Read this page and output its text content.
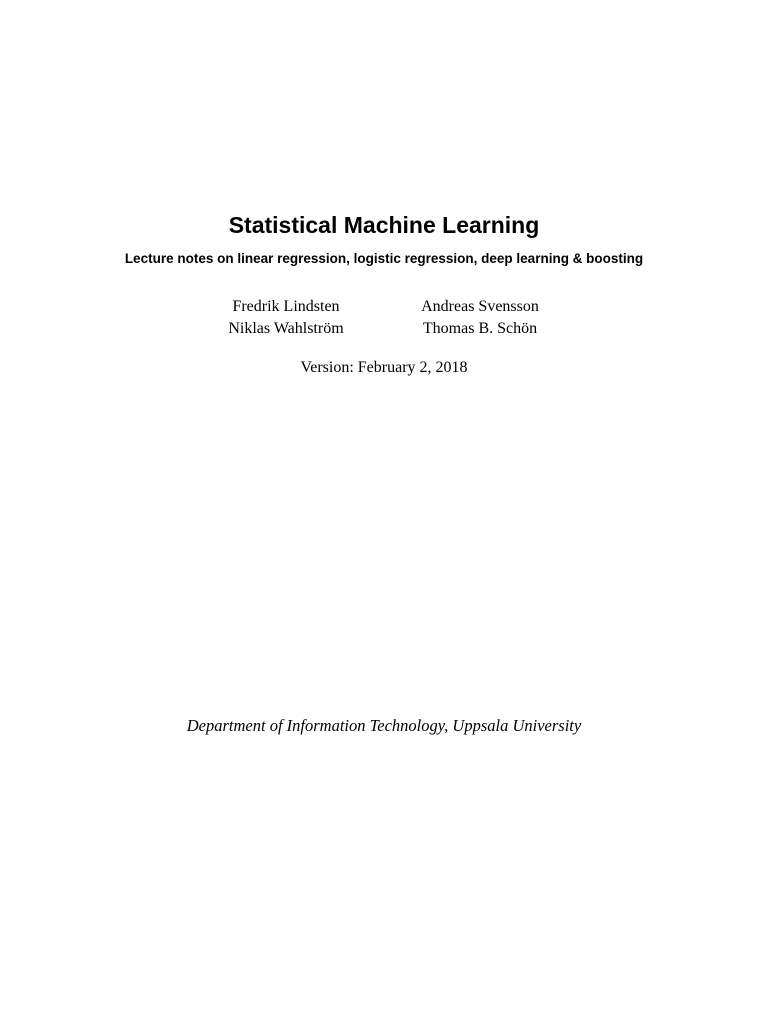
Statistical Machine Learning

Lecture notes on linear regression, logistic regression, deep learning & boosting

Fredrik Lindsten
Niklas Wahlström
Andreas Svensson
Thomas B. Schön
Version: February 2, 2018
Department of Information Technology, Uppsala University
